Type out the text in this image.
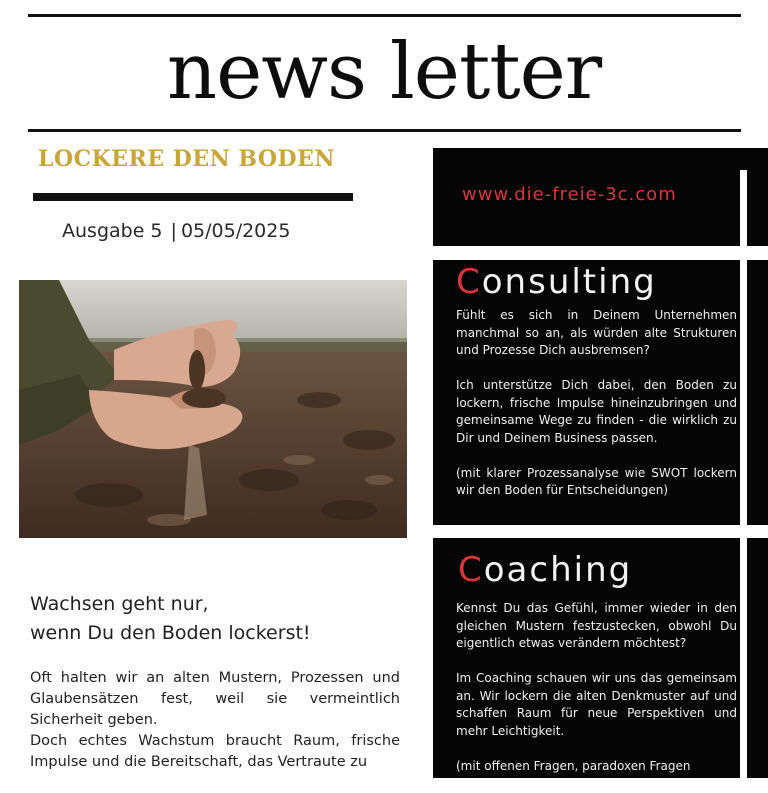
news letter
LOCKERE DEN BODEN
Ausgabe 5 | 05/05/2025
Wachsen geht nur,
wenn Du den Boden lockerst!

Oft halten wir an alten Mustern, Prozessen und Glaubensätzen fest, weil sie vermeintlich Sicherheit geben.

Doch echtes Wachstum braucht Raum, frische Impulse und die Bereitschaft, das Vertraute zu

www.die-freie-3c.com
Consulting

Fühlt es sich in Deinem Unternehmen manchmal so an, als würden alte Strukturen und Prozesse Dich ausbremsen?

Ich unterstütze Dich dabei, den Boden zu lockern, frische Impulse hineinzubringen und gemeinsame Wege zu finden - die wirklich zu Dir und Deinem Business passen.

(mit klarer Prozessanalyse wie SWOT lockern wir den Boden für Entscheidungen)

Coaching

Kennst Du das Gefühl, immer wieder in den gleichen Mustern festzustecken, obwohl Du eigentlich etwas verändern möchtest?

Im Coaching schauen wir uns das gemeinsam an. Wir lockern die alten Denkmuster auf und schaffen Raum für neue Perspektiven und mehr Leichtigkeit.

(mit offenen Fragen, paradoxen Fragen
